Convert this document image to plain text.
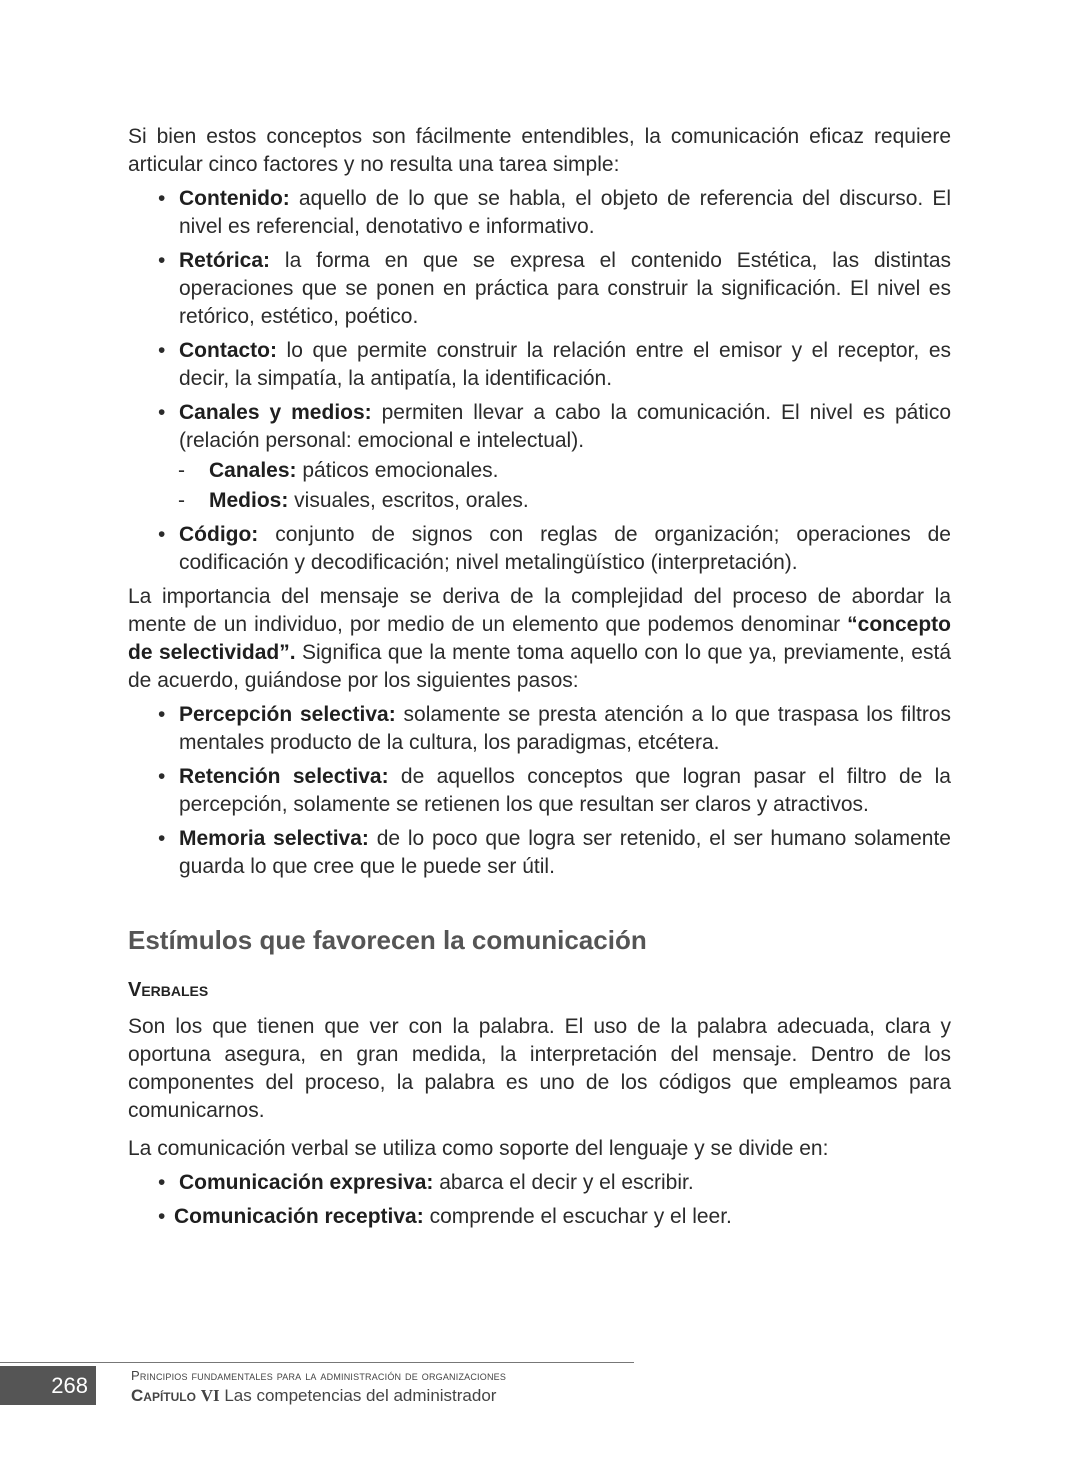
Si bien estos conceptos son fácilmente entendibles, la comunicación eficaz requiere articular cinco factores y no resulta una tarea simple:

• Contenido: aquello de lo que se habla, el objeto de referencia del discurso. El nivel es referencial, denotativo e informativo.
• Retórica: la forma en que se expresa el contenido Estética, las distintas operaciones que se ponen en práctica para construir la significación. El nivel es retórico, estético, poético.
• Contacto: lo que permite construir la relación entre el emisor y el receptor, es decir, la simpatía, la antipatía, la identificación.
• Canales y medios: permiten llevar a cabo la comunicación. El nivel es pático (relación personal: emocional e intelectual).
- Canales: páticos emocionales.
- Medios: visuales, escritos, orales.
• Código: conjunto de signos con reglas de organización; operaciones de codificación y decodificación; nivel metalingüístico (interpretación).

La importancia del mensaje se deriva de la complejidad del proceso de abordar la mente de un individuo, por medio de un elemento que podemos denominar “concepto de selectividad”. Significa que la mente toma aquello con lo que ya, previamente, está de acuerdo, guiándose por los siguientes pasos:

• Percepción selectiva: solamente se presta atención a lo que traspasa los filtros mentales producto de la cultura, los paradigmas, etcétera.
• Retención selectiva: de aquellos conceptos que logran pasar el filtro de la percepción, solamente se retienen los que resultan ser claros y atractivos.
• Memoria selectiva: de lo poco que logra ser retenido, el ser humano solamente guarda lo que cree que le puede ser útil.
Estímulos que favorecen la comunicación
Verbales

Son los que tienen que ver con la palabra. El uso de la palabra adecuada, clara y oportuna asegura, en gran medida, la interpretación del mensaje. Dentro de los componentes del proceso, la palabra es uno de los códigos que empleamos para comunicarnos.

La comunicación verbal se utiliza como soporte del lenguaje y se divide en:

• Comunicación expresiva: abarca el decir y el escribir.
• Comunicación receptiva: comprende el escuchar y el leer.
268	Principios fundamentales para la administración de organizaciones
Capítulo VI Las competencias del administrador
